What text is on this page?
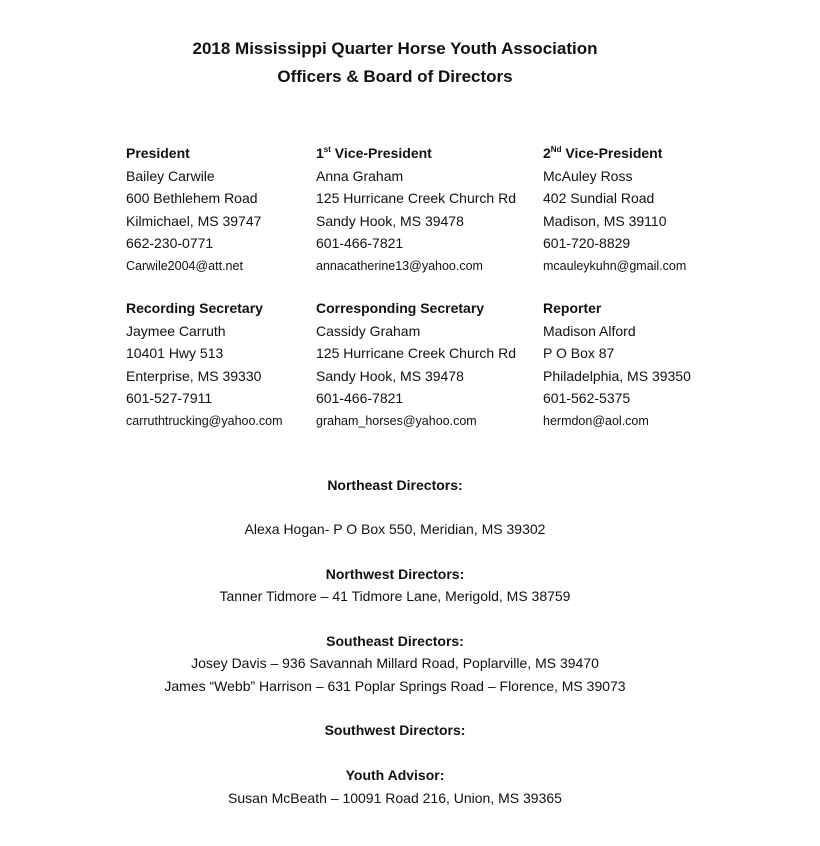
2018 Mississippi Quarter Horse Youth Association
Officers & Board of Directors
President
Bailey Carwile
600 Bethlehem Road
Kilmichael, MS 39747
662-230-0771
Carwile2004@att.net
1st Vice-President
Anna Graham
125 Hurricane Creek Church Rd
Sandy Hook, MS 39478
601-466-7821
annacatherine13@yahoo.com
2Nd Vice-President
McAuley Ross
402 Sundial Road
Madison, MS 39110
601-720-8829
mcauleykuhn@gmail.com
Recording Secretary
Jaymee Carruth
10401 Hwy 513
Enterprise, MS 39330
601-527-7911
carruthtrucking@yahoo.com
Corresponding Secretary
Cassidy Graham
125 Hurricane Creek Church Rd
Sandy Hook, MS 39478
601-466-7821
graham_horses@yahoo.com
Reporter
Madison Alford
P O Box 87
Philadelphia, MS 39350
601-562-5375
hermdon@aol.com
Northeast Directors:
Alexa Hogan- P O Box 550, Meridian, MS 39302
Northwest Directors:
Tanner Tidmore – 41 Tidmore Lane, Merigold, MS 38759
Southeast Directors:
Josey Davis – 936 Savannah Millard Road, Poplarville, MS 39470
James “Webb” Harrison – 631 Poplar Springs Road – Florence, MS 39073
Southwest Directors:
Youth Advisor:
Susan McBeath – 10091 Road 216, Union, MS 39365
